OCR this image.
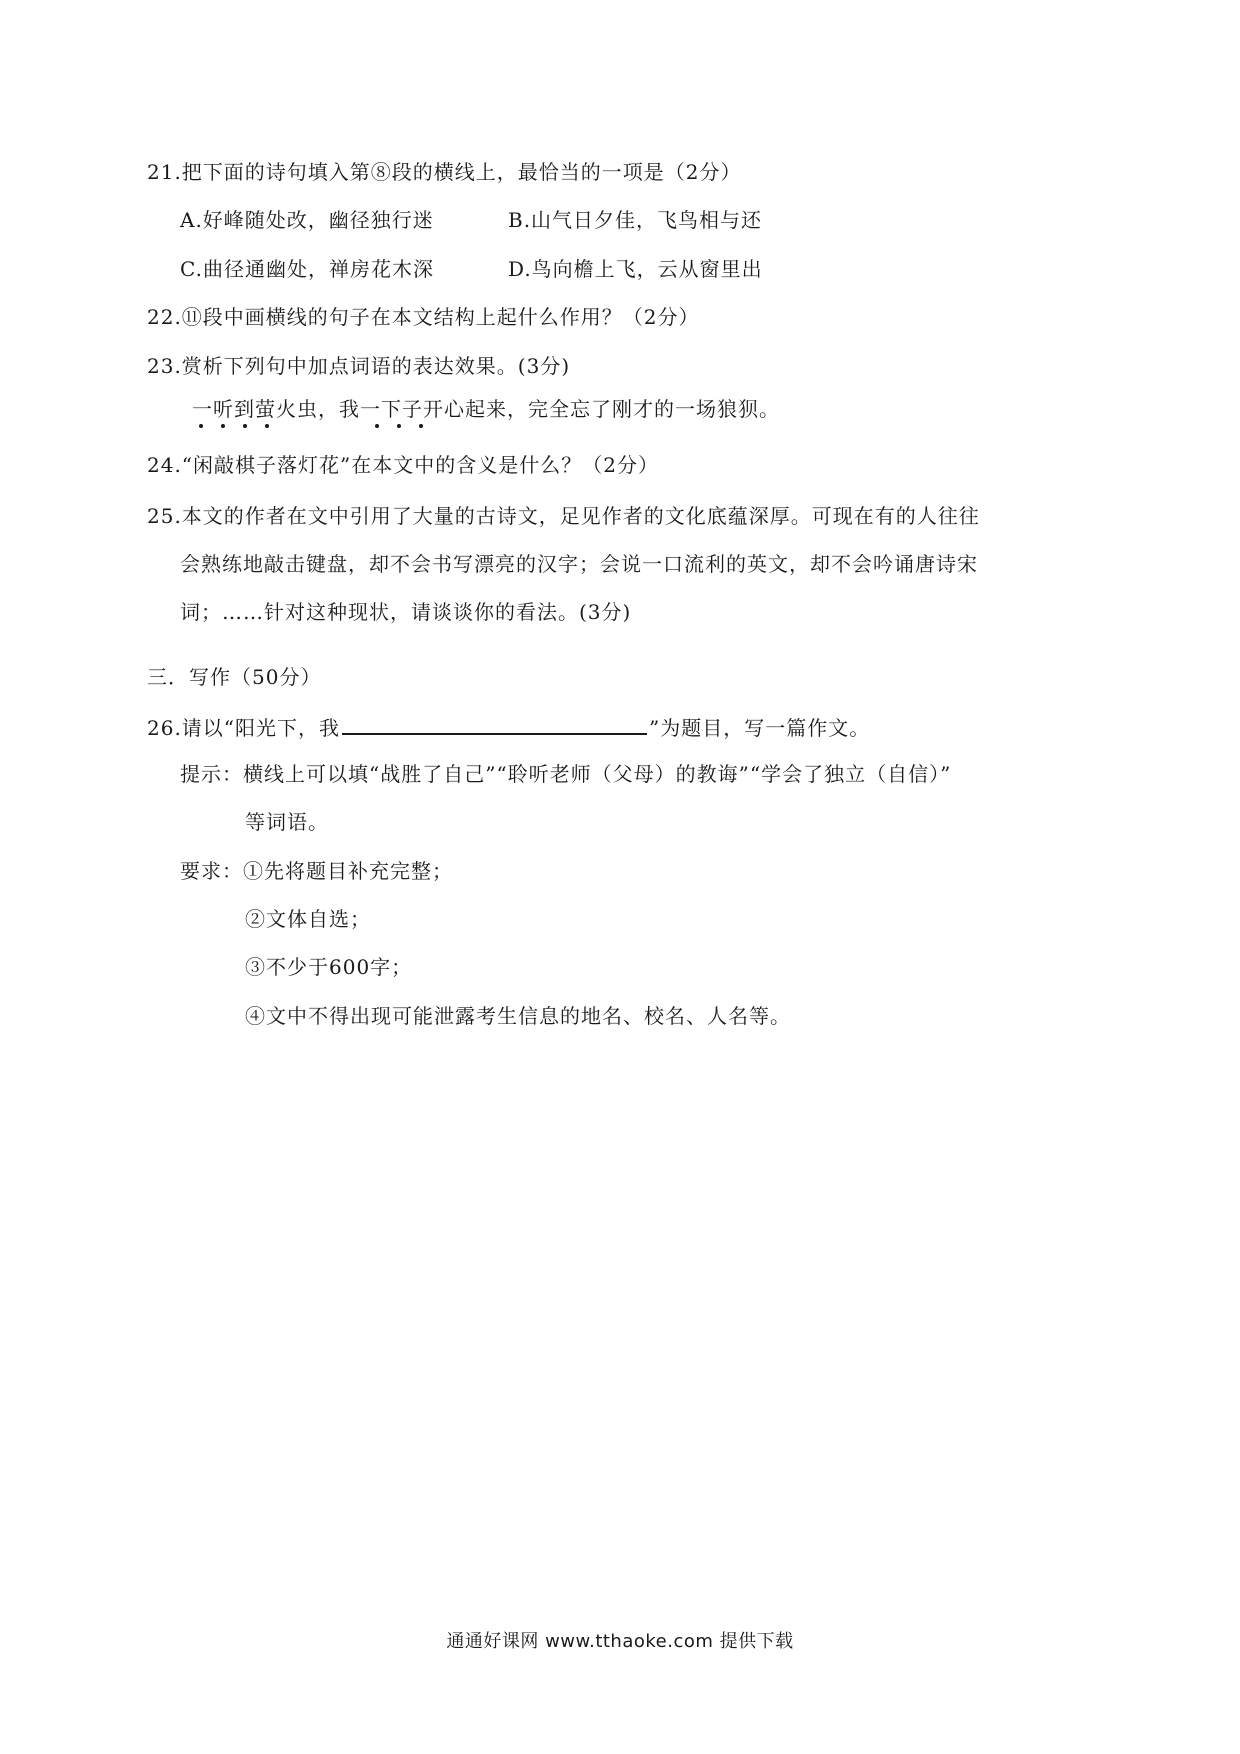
21.把下面的诗句填入第⑧段的横线上，最恰当的一项是（2分）
A.好峰随处改，幽径独行迷	B.山气日夕佳，飞鸟相与还
C.曲径通幽处，禅房花木深	D.鸟向檐上飞，云从窗里出
22.⑪段中画横线的句子在本文结构上起什么作用？（2分）
23.赏析下列句中加点词语的表达效果。(3分)
一听到萤火虫，我一下子开心起来，完全忘了刚才的一场狼狈。
24.“闲敲棋子落灯花”在本文中的含义是什么？（2分）
25.本文的作者在文中引用了大量的古诗文，足见作者的文化底蕴深厚。可现在有的人往往
会熟练地敲击键盘，却不会书写漂亮的汉字；会说一口流利的英文，却不会吟诵唐诗宋
词；……针对这种现状，请谈谈你的看法。(3分)
三．写作（50分）
26.请以“阳光下，我	”为题目，写一篇作文。
提示：横线上可以填“战胜了自己”“聆听老师（父母）的教诲”“学会了独立（自信）”
等词语。
要求：①先将题目补充完整；
②文体自选；
③不少于600字；
④文中不得出现可能泄露考生信息的地名、校名、人名等。
通通好课网 www.tthaoke.com 提供下载
